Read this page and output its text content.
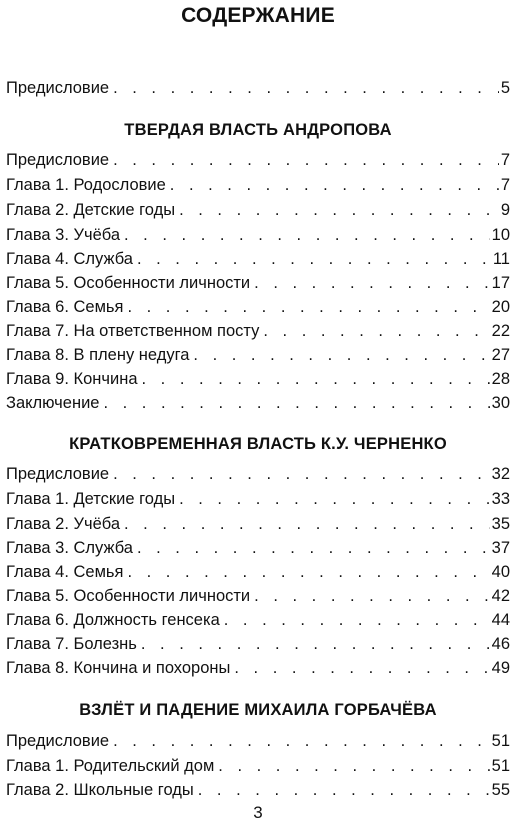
СОДЕРЖАНИЕ
Предисловие . . .	5
ТВЕРДАЯ ВЛАСТЬ АНДРОПОВА
Предисловие . . .	7
Глава 1. Родословие . . .	7
Глава 2. Детские годы . . .	9
Глава 3. Учёба . . .	10
Глава 4. Служба . . .	11
Глава 5. Особенности личности . . .	17
Глава 6. Семья . . .	20
Глава 7. На ответственном посту . . .	22
Глава 8. В плену недуга . . .	27
Глава 9. Кончина . . .	28
Заключение . . .	30
КРАТКОВРЕМЕННАЯ ВЛАСТЬ К.У. ЧЕРНЕНКО
Предисловие . . .	32
Глава 1. Детские годы . . .	33
Глава 2. Учёба . . .	35
Глава 3. Служба . . .	37
Глава 4. Семья . . .	40
Глава 5. Особенности личности . . .	42
Глава 6. Должность генсека . . .	44
Глава 7. Болезнь . . .	46
Глава 8. Кончина и похороны . . .	49
ВЗЛЁТ И ПАДЕНИЕ МИХАИЛА ГОРБАЧЁВА
Предисловие . . .	51
Глава 1. Родительский дом . . .	51
Глава 2. Школьные годы . . .	55
3
